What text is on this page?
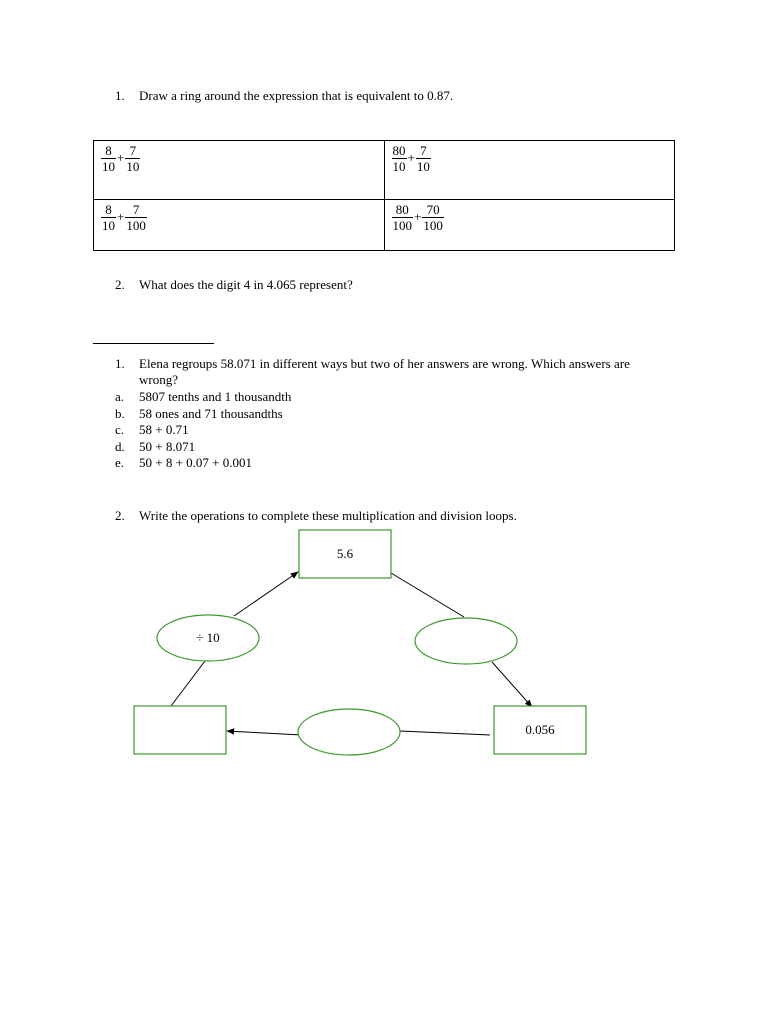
1. Draw a ring around the expression that is equivalent to 0.87.
$\frac{8}{10} + \frac{7}{10}$	$\frac{80}{10} + \frac{7}{10}$

$\frac{8}{10} + \frac{7}{100}$	$\frac{80}{100} + \frac{70}{100}$
2. What does the digit 4 in 4.065 represent?
1. Elena regroups 58.071 in different ways but two of her answers are wrong. Which answers are wrong?
a. 5807 tenths and 1 thousandth
b. 58 ones and 71 thousandths
c. 58 + 0.71
d. 50 + 8.071
e. 50 + 8 + 0.07 + 0.001
2. Write the operations to complete these multiplication and division loops.
5.6
0.056
÷ 10
